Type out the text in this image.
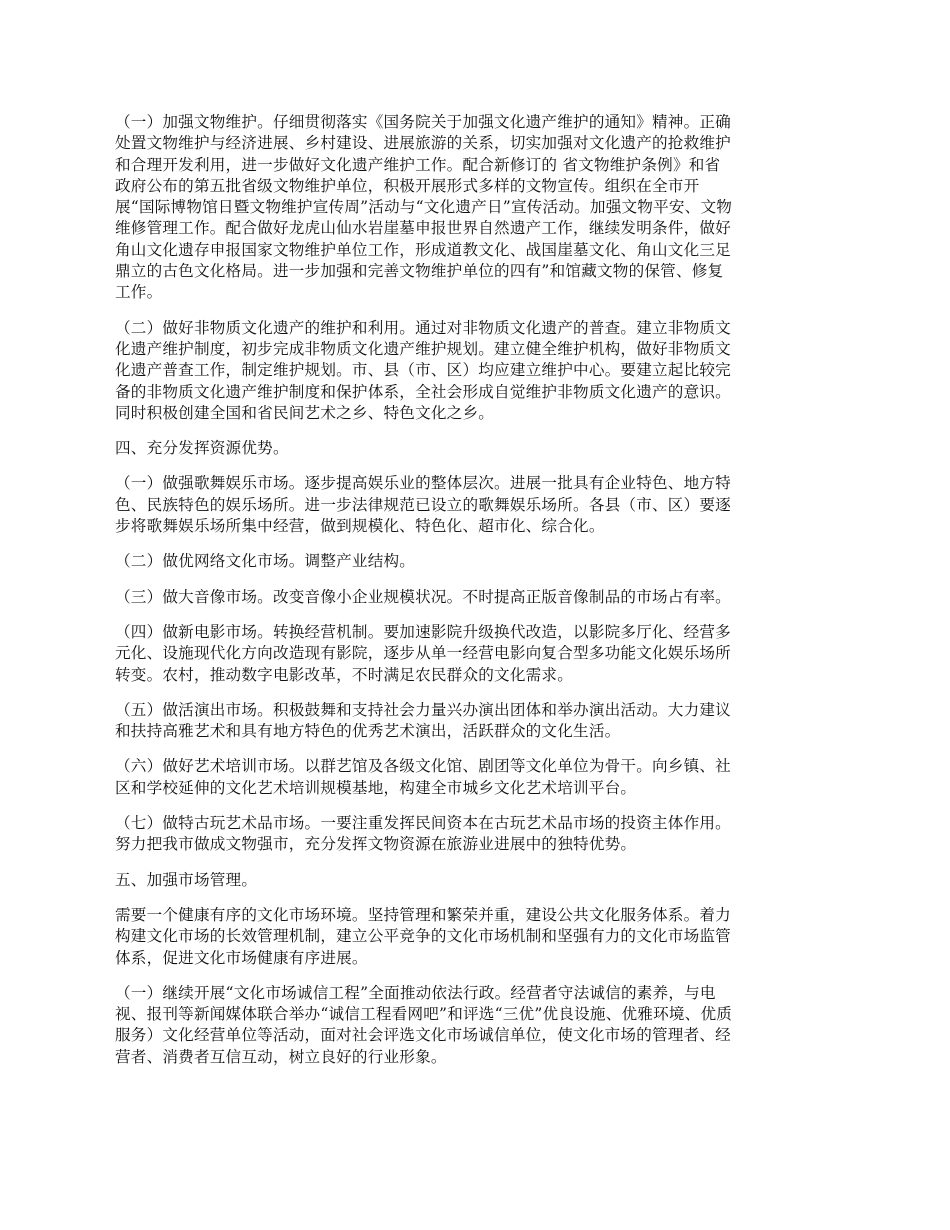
（一）加强文物维护。仔细贯彻落实《国务院关于加强文化遗产维护的通知》精神。正确
处置文物维护与经济进展、乡村建设、进展旅游的关系，切实加强对文化遗产的抢救维护
和合理开发利用，进一步做好文化遗产维护工作。配合新修订的 省文物维护条例》和省
政府公布的第五批省级文物维护单位，积极开展形式多样的文物宣传。组织在全市开
展“国际博物馆日暨文物维护宣传周”活动与“文化遗产日”宣传活动。加强文物平安、文物
维修管理工作。配合做好龙虎山仙水岩崖墓申报世界自然遗产工作，继续发明条件，做好
角山文化遗存申报国家文物维护单位工作，形成道教文化、战国崖墓文化、角山文化三足
鼎立的古色文化格局。进一步加强和完善文物维护单位的四有”和馆藏文物的保管、修复
工作。
（二）做好非物质文化遗产的维护和利用。通过对非物质文化遗产的普查。建立非物质文
化遗产维护制度，初步完成非物质文化遗产维护规划。建立健全维护机构，做好非物质文
化遗产普查工作，制定维护规划。市、县（市、区）均应建立维护中心。要建立起比较完
备的非物质文化遗产维护制度和保护体系，全社会形成自觉维护非物质文化遗产的意识。
同时积极创建全国和省民间艺术之乡、特色文化之乡。
四、充分发挥资源优势。
（一）做强歌舞娱乐市场。逐步提高娱乐业的整体层次。进展一批具有企业特色、地方特
色、民族特色的娱乐场所。进一步法律规范已设立的歌舞娱乐场所。各县（市、区）要逐
步将歌舞娱乐场所集中经营，做到规模化、特色化、超市化、综合化。
（二）做优网络文化市场。调整产业结构。
（三）做大音像市场。改变音像小企业规模状况。不时提高正版音像制品的市场占有率。
（四）做新电影市场。转换经营机制。要加速影院升级换代改造，以影院多厅化、经营多
元化、设施现代化方向改造现有影院，逐步从单一经营电影向复合型多功能文化娱乐场所
转变。农村，推动数字电影改革，不时满足农民群众的文化需求。
（五）做活演出市场。积极鼓舞和支持社会力量兴办演出团体和举办演出活动。大力建议
和扶持高雅艺术和具有地方特色的优秀艺术演出，活跃群众的文化生活。
（六）做好艺术培训市场。以群艺馆及各级文化馆、剧团等文化单位为骨干。向乡镇、社
区和学校延伸的文化艺术培训规模基地，构建全市城乡文化艺术培训平台。
（七）做特古玩艺术品市场。一要注重发挥民间资本在古玩艺术品市场的投资主体作用。
努力把我市做成文物强市，充分发挥文物资源在旅游业进展中的独特优势。
五、加强市场管理。
需要一个健康有序的文化市场环境。坚持管理和繁荣并重，建设公共文化服务体系。着力
构建文化市场的长效管理机制，建立公平竞争的文化市场机制和坚强有力的文化市场监管
体系，促进文化市场健康有序进展。
（一）继续开展“文化市场诚信工程”全面推动依法行政。经营者守法诚信的素养，与电
视、报刊等新闻媒体联合举办“诚信工程看网吧”和评选“三优”优良设施、优雅环境、优质
服务）文化经营单位等活动，面对社会评选文化市场诚信单位，使文化市场的管理者、经
营者、消费者互信互动，树立良好的行业形象。
